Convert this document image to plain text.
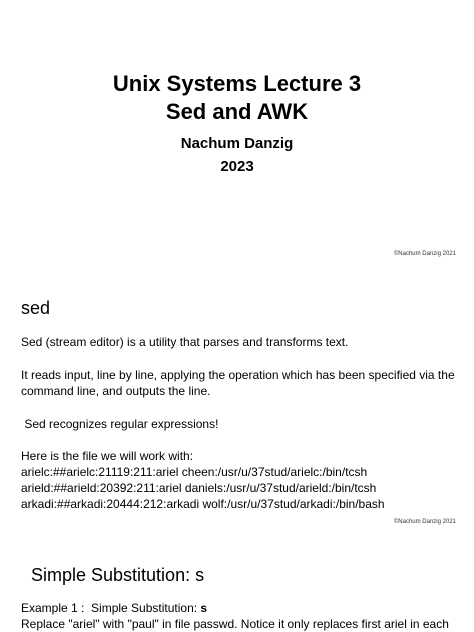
Unix Systems Lecture 3
Sed and AWK
Nachum Danzig
2023
©Nachum Danzig 2021
sed
Sed (stream editor) is a utility that parses and transforms text.
It reads input, line by line, applying the operation which has been specified via the
command line, and outputs the line.
Sed recognizes regular expressions!
Here is the file we will work with:
arielc:##arielc:21119:211:ariel cheen:/usr/u/37stud/arielc:/bin/tcsh
arield:##arield:20392:211:ariel daniels:/usr/u/37stud/arield:/bin/tcsh
arkadi:##arkadi:20444:212:arkadi wolf:/usr/u/37stud/arkadi:/bin/bash
©Nachum Danzig 2021
Simple Substitution: s
Example 1 :  Simple Substitution: s
Replace "ariel" with "paul" in file passwd. Notice it only replaces first ariel in each
